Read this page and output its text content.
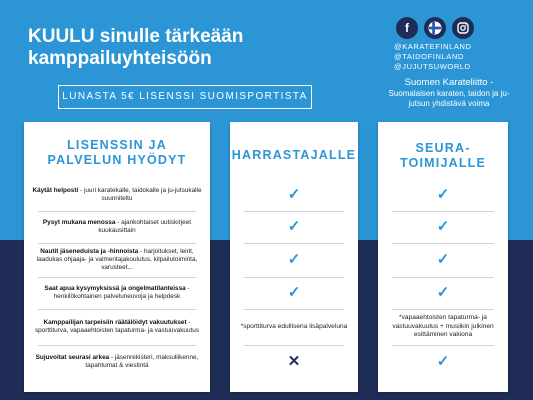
KUULU sinulle tärkeään
kamppailuyhteisöön
LUNASTA 5€ LISENSSI SUOMISPORTISTA
f
@KARATEFINLAND
@TAIDOFINLAND
@JUJUTSUWORLD
Suomen Karateliitto -
Suomalaisen karaten, taidon ja ju-jutsun yhdistävä voima
LISENSSIN JA
PALVELUN HYÖDYT
Käytät helposti - juuri karatekalle, taidokalle ja ju-jutsukalle suunniteltu
Pysyt mukana menossa - ajankohtaiset uutiskirjeet kuukausittain
Nautit jäseneduista ja -hinnoista - harjoitukset, leirit, laadukas ohjaaja- ja valmentajakoulutus, kilpailutoiminta, varusteet...
Saat apua kysymyksissä ja ongelmatilanteissa - henkilökohtainen palveluneuvoja ja helpdesk
Kamppailijan tarpeisiin räätälöidyt vakuutukset - sporttiturva, vapaaehtoisten tapaturma- ja vastuuvakuutus
Sujuvoitat seurasi arkea - jäsenrekisteri, maksuliikenne, tapahtumat & viestintä
HARRASTAJALLE
✓
✓
✓
✓
*sporttiturva edullisena lisäpalveluna
✕
SEURA-
TOIMIJALLE
✓
✓
✓
✓
*vapaaehtoisten tapaturma- ja vastuuvakuutus + musiikin julkinen esittäminen vakiona
✓
